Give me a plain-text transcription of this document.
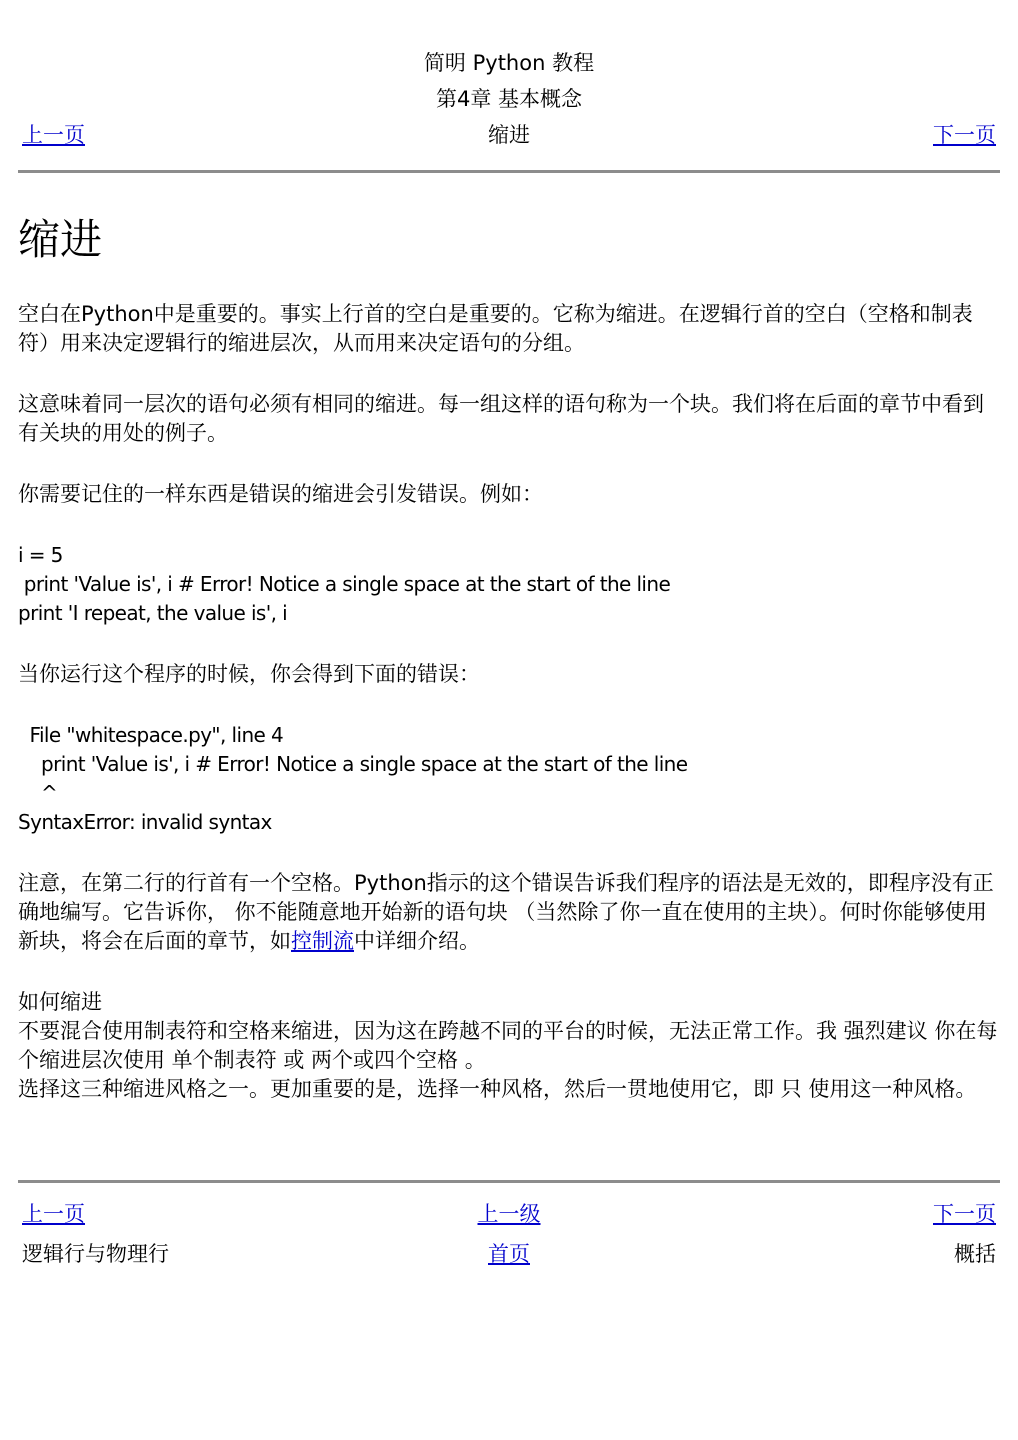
简明 Python 教程
第4章 基本概念
上一页	缩进	下一页
缩进

空白在Python中是重要的。事实上行首的空白是重要的。它称为缩进。在逻辑行首的空白（空格和制表符）用来决定逻辑行的缩进层次，从而用来决定语句的分组。

这意味着同一层次的语句必须有相同的缩进。每一组这样的语句称为一个块。我们将在后面的章节中看到有关块的用处的例子。

你需要记住的一样东西是错误的缩进会引发错误。例如：

i = 5
print 'Value is', i # Error! Notice a single space at the start of the line
print 'I repeat, the value is', i

当你运行这个程序的时候，你会得到下面的错误：

File "whitespace.py", line 4
print 'Value is', i # Error! Notice a single space at the start of the line
^
SyntaxError: invalid syntax

注意，在第二行的行首有一个空格。Python指示的这个错误告诉我们程序的语法是无效的，即程序没有正确地编写。它告诉你， 你不能随意地开始新的语句块 （当然除了你一直在使用的主块）。何时你能够使用新块，将会在后面的章节，如控制流中详细介绍。

如何缩进
不要混合使用制表符和空格来缩进，因为这在跨越不同的平台的时候，无法正常工作。我 强烈建议 你在每个缩进层次使用 单个制表符 或 两个或四个空格 。
选择这三种缩进风格之一。更加重要的是，选择一种风格，然后一贯地使用它，即 只 使用这一种风格。
上一页	上一级	下一页
逻辑行与物理行	首页	概括
